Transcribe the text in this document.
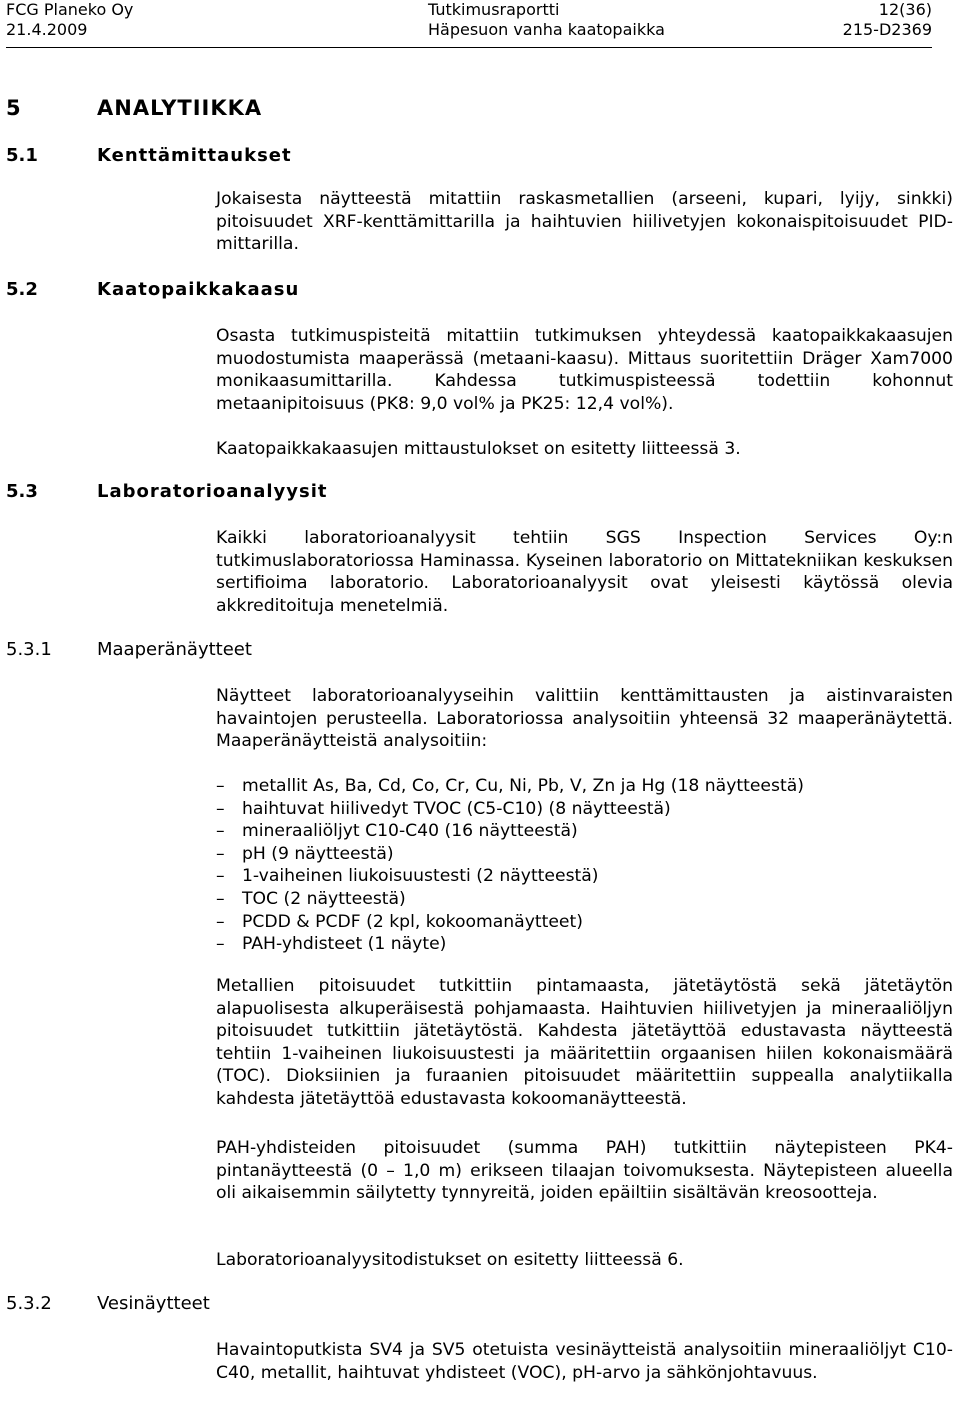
FCG Planeko Oy
21.4.2009
Tutkimusraportti
Häpesuon vanha kaatopaikka
12(36)
215-D2369
5	ANALYTIIKKA
5.1	Kenttämittaukset
Jokaisesta näytteestä mitattiin raskasmetallien (arseeni, kupari, lyijy, sinkki) pitoisuudet XRF-kenttämittarilla ja haihtuvien hiilivetyjen kokonaispitoisuudet PID-mittarilla.
5.2	Kaatopaikkakaasu
Osasta tutkimuspisteitä mitattiin tutkimuksen yhteydessä kaatopaikkakaasujen muodostumista maaperässä (metaani-kaasu). Mittaus suoritettiin Dräger Xam7000 monikaasumittarilla. Kahdessa tutkimuspisteessä todettiin kohonnut metaanipitoisuus (PK8: 9,0 vol% ja PK25: 12,4 vol%).
Kaatopaikkakaasujen mittaustulokset on esitetty liitteessä 3.
5.3	Laboratorioanalyysit
Kaikki laboratorioanalyysit tehtiin SGS Inspection Services Oy:n tutkimuslaboratoriossa Haminassa. Kyseinen laboratorio on Mittatekniikan keskuksen sertifioima laboratorio. Laboratorioanalyysit ovat yleisesti käytössä olevia akkreditoituja menetelmiä.
5.3.1	Maaperänäytteet
Näytteet laboratorioanalyyseihin valittiin kenttämittausten ja aistinvaraisten havaintojen perusteella. Laboratoriossa analysoitiin yhteensä 32 maaperänäytettä. Maaperänäytteistä analysoitiin:
– metallit As, Ba, Cd, Co, Cr, Cu, Ni, Pb, V, Zn ja Hg (18 näytteestä)
– haihtuvat hiilivedyt TVOC (C5-C10) (8 näytteestä)
– mineraaliöljyt C10-C40 (16 näytteestä)
– pH (9 näytteestä)
– 1-vaiheinen liukoisuustesti (2 näytteestä)
– TOC (2 näytteestä)
– PCDD & PCDF (2 kpl, kokoomanäytteet)
– PAH-yhdisteet (1 näyte)
Metallien pitoisuudet tutkittiin pintamaasta, jätetäytöstä sekä jätetäytön alapuolisesta alkuperäisestä pohjamaasta. Haihtuvien hiilivetyjen ja mineraaliöljyn pitoisuudet tutkittiin jätetäytöstä. Kahdesta jätetäyttöä edustavasta näytteestä tehtiin 1-vaiheinen liukoisuustesti ja määritettiin orgaanisen hiilen kokonaismäärä (TOC). Dioksiinien ja furaanien pitoisuudet määritettiin suppealla analytiikalla kahdesta jätetäyttöä edustavasta kokoomanäytteestä.
PAH-yhdisteiden pitoisuudet (summa PAH) tutkittiin näytepisteen PK4-pintanäytteestä (0 – 1,0 m) erikseen tilaajan toivomuksesta. Näytepisteen alueella oli aikaisemmin säilytetty tynnyreitä, joiden epäiltiin sisältävän kreosootteja.
Laboratorioanalyysitodistukset on esitetty liitteessä 6.
5.3.2	Vesinäytteet
Havaintoputkista SV4 ja SV5 otetuista vesinäytteistä analysoitiin mineraaliöljyt C10-C40, metallit, haihtuvat yhdisteet (VOC), pH-arvo ja sähkönjohtavuus.
